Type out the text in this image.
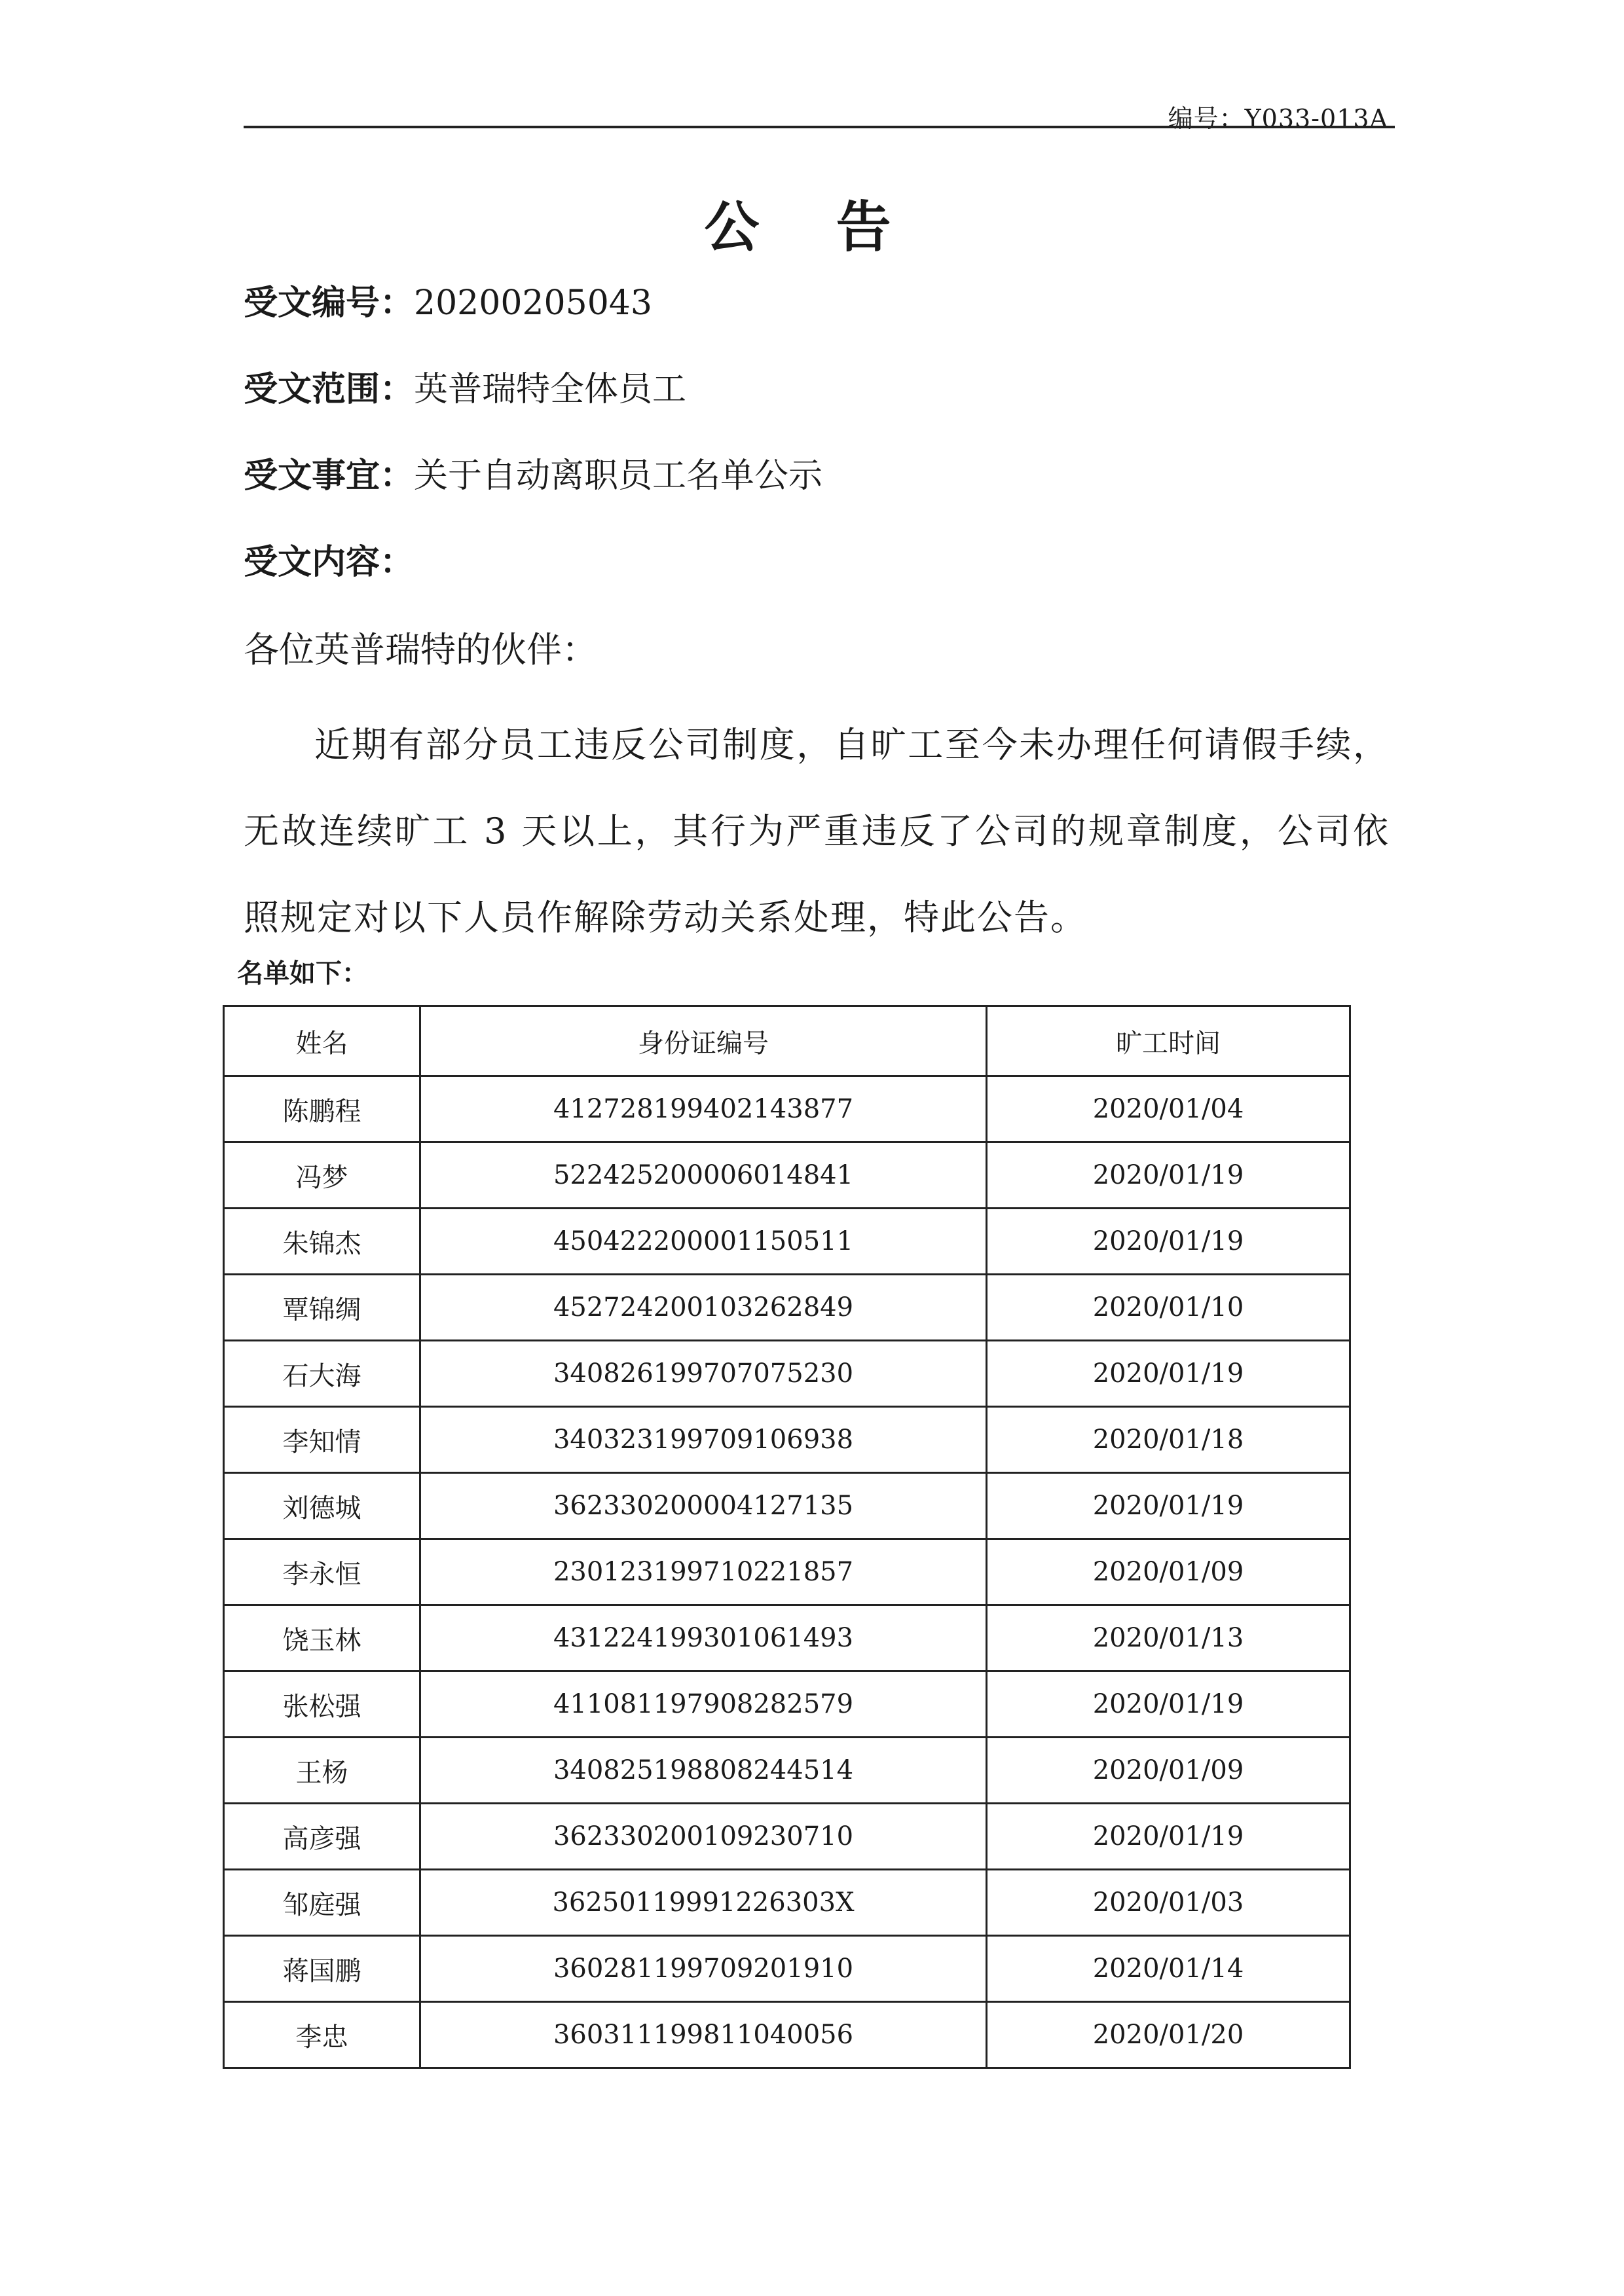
编号：Y033-013A
公 告
受文编号：20200205043
受文范围：英普瑞特全体员工
受文事宜：关于自动离职员工名单公示
受文内容：
各位英普瑞特的伙伴：
近期有部分员工违反公司制度，自旷工至今未办理任何请假手续，无故连续旷工 3 天以上，其行为严重违反了公司的规章制度，公司依照规定对以下人员作解除劳动关系处理，特此公告。
名单如下：
姓名	身份证编号	旷工时间
陈鹏程	412728199402143877	2020/01/04
冯梦	522425200006014841	2020/01/19
朱锦杰	450422200001150511	2020/01/19
覃锦绸	452724200103262849	2020/01/10
石大海	340826199707075230	2020/01/19
李知情	340323199709106938	2020/01/18
刘德城	362330200004127135	2020/01/19
李永恒	230123199710221857	2020/01/09
饶玉林	431224199301061493	2020/01/13
张松强	411081197908282579	2020/01/19
王杨	340825198808244514	2020/01/09
高彦强	362330200109230710	2020/01/19
邹庭强	36250119991226303X	2020/01/03
蒋国鹏	360281199709201910	2020/01/14
李忠	360311199811040056	2020/01/20
